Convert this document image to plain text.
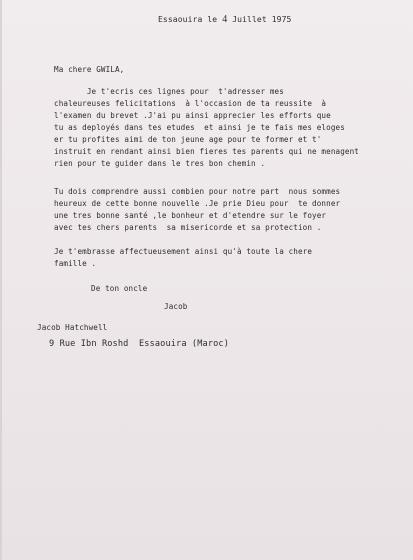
Essaouira le 4 Juillet 1975

Ma chere GWILA,

Je t'ecris ces lignes pour  t'adresser mes

chaleureuses felicitations  à l'occasion de ta reussite  à

l'examen du brevet .J'ai pu ainsi apprecier les efforts que

tu as deployés dans tes etudes  et ainsi je te fais mes eloges

er tu profites aimi de ton jeune age pour te former et t'

instruit en rendant ainsi bien fieres tes parents qui ne menagent

rien pour te guider dans le tres bon chemin .

Tu dois comprendre aussi combien pour notre part  nous sommes

heureux de cette bonne nouvelle .Je prie Dieu pour  te donner

une tres bonne santé ,le bonheur et d'etendre sur le foyer

avec tes chers parents  sa misericorde et sa protection .

Je t'embrasse affectueusement ainsi qu'à toute la chere

famille .

De ton oncle

Jacob

Jacob Hatchwell

9 Rue Ibn Roshd  Essaouira (Maroc)
